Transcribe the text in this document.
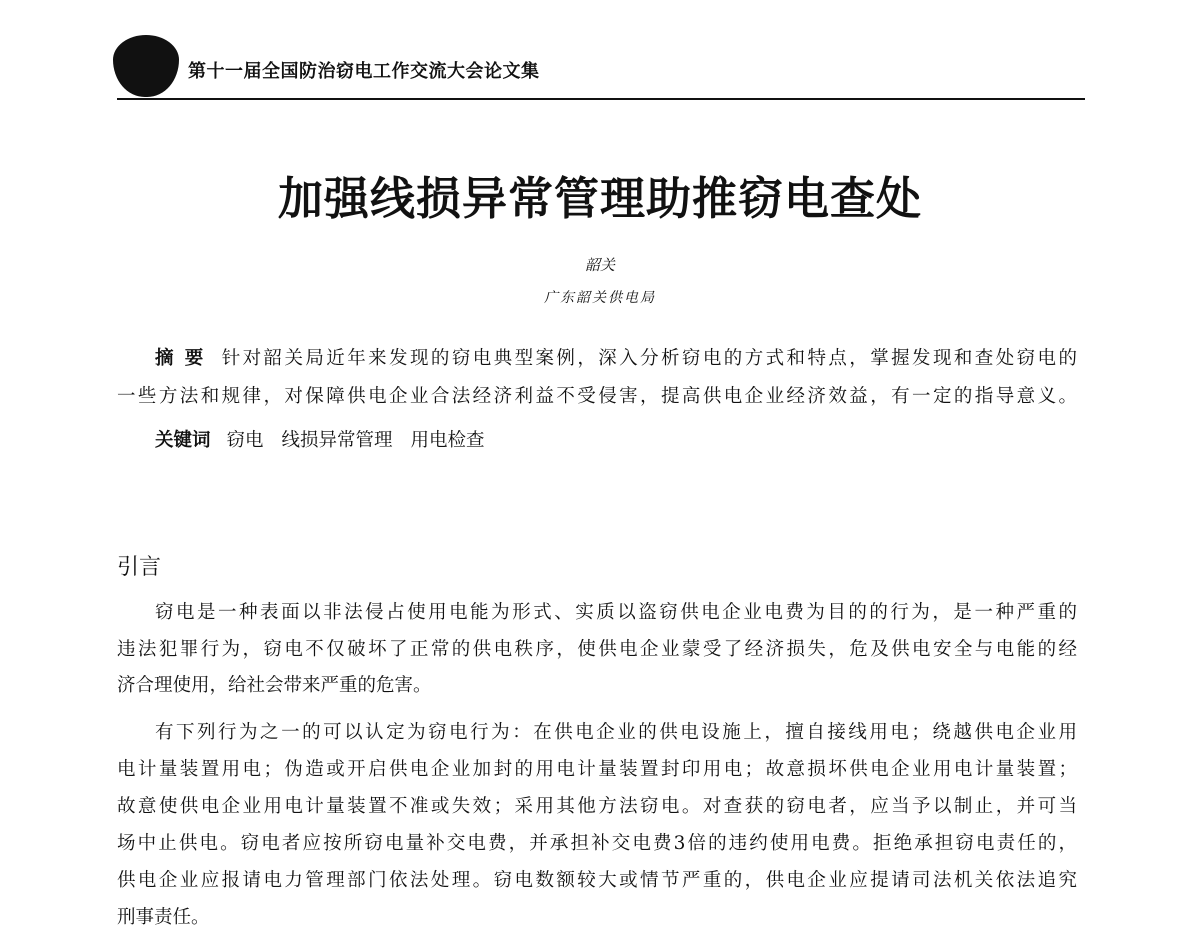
第十一届全国防治窃电工作交流大会论文集
加强线损异常管理助推窃电查处
韶关
广东韶关供电局
摘 要 针对韶关局近年来发现的窃电典型案例，深入分析窃电的方式和特点，掌握发现和查处窃电的
一些方法和规律，对保障供电企业合法经济利益不受侵害，提高供电企业经济效益，有一定的指导意义。
关键词 窃电 线损异常管理 用电检查
引言
窃电是一种表面以非法侵占使用电能为形式、实质以盗窃供电企业电费为目的的行为，是一种严重的
违法犯罪行为，窃电不仅破坏了正常的供电秩序，使供电企业蒙受了经济损失，危及供电安全与电能的经
济合理使用，给社会带来严重的危害。
有下列行为之一的可以认定为窃电行为：在供电企业的供电设施上，擅自接线用电；绕越供电企业用
电计量装置用电；伪造或开启供电企业加封的用电计量装置封印用电；故意损坏供电企业用电计量装置；
故意使供电企业用电计量装置不准或失效；采用其他方法窃电。对查获的窃电者，应当予以制止，并可当
场中止供电。窃电者应按所窃电量补交电费，并承担补交电费3倍的违约使用电费。拒绝承担窃电责任的，
供电企业应报请电力管理部门依法处理。窃电数额较大或情节严重的，供电企业应提请司法机关依法追究
刑事责任。
